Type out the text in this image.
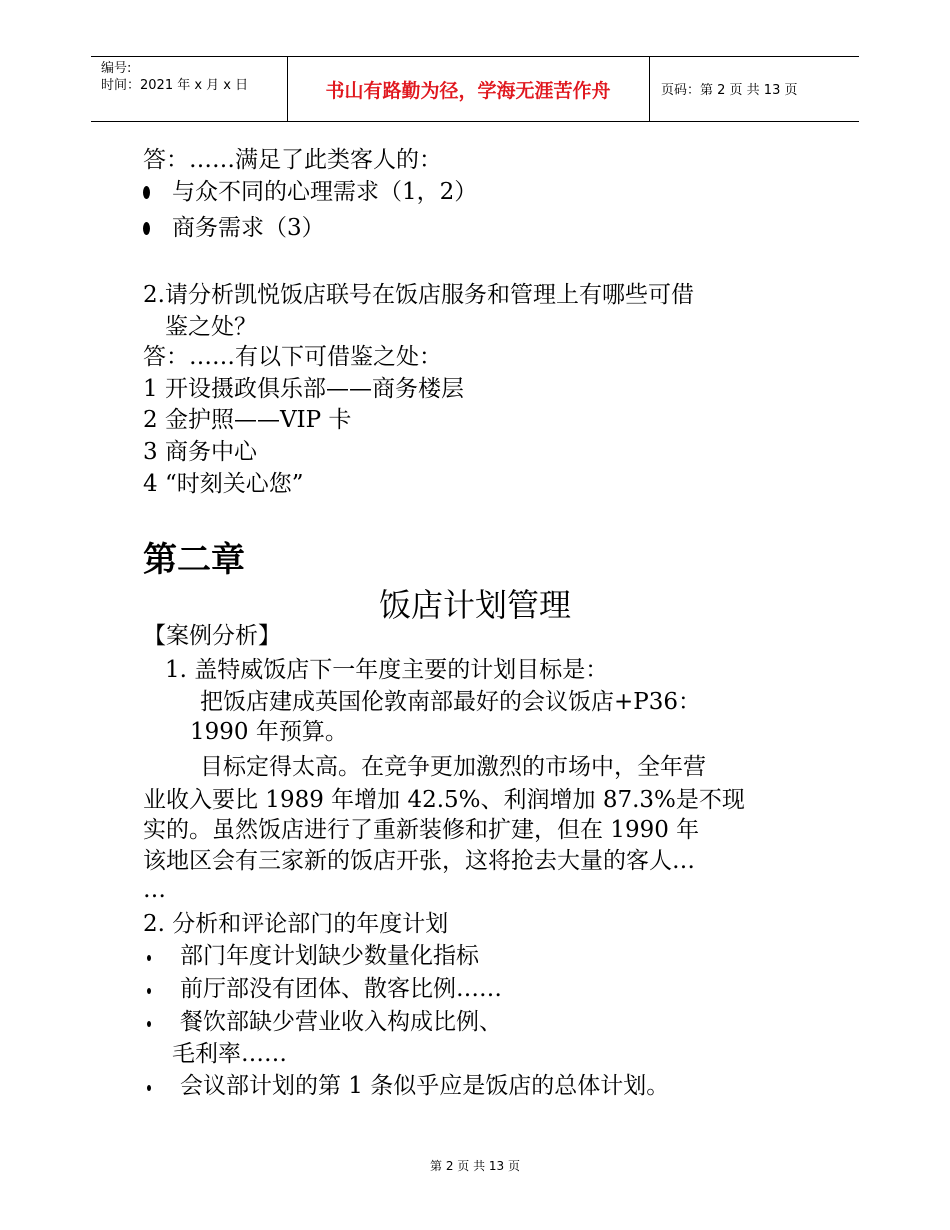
编号:
时间：2021 年 x 月 x 日	书山有路勤为径，学海无涯苦作舟	页码：第 2 页 共 13 页
答：……满足了此类客人的：
与众不同的心理需求（1，2）
商务需求（3）
2.请分析凯悦饭店联号在饭店服务和管理上有哪些可借
鉴之处？
答：……有以下可借鉴之处：
1 开设摄政俱乐部——商务楼层
2 金护照——VIP 卡
3 商务中心
4 “时刻关心您”
第二章
饭店计划管理
【案例分析】
1. 盖特威饭店下一年度主要的计划目标是：
把饭店建成英国伦敦南部最好的会议饭店+P36：
1990 年预算。
目标定得太高。在竞争更加激烈的市场中，全年营
业收入要比 1989 年增加 42.5%、利润增加 87.3%是不现
实的。虽然饭店进行了重新装修和扩建，但在 1990 年
该地区会有三家新的饭店开张，这将抢去大量的客人…
…
2. 分析和评论部门的年度计划
部门年度计划缺少数量化指标
前厅部没有团体、散客比例……
餐饮部缺少营业收入构成比例、
毛利率……
会议部计划的第 1 条似乎应是饭店的总体计划。
第 2 页 共 13 页
